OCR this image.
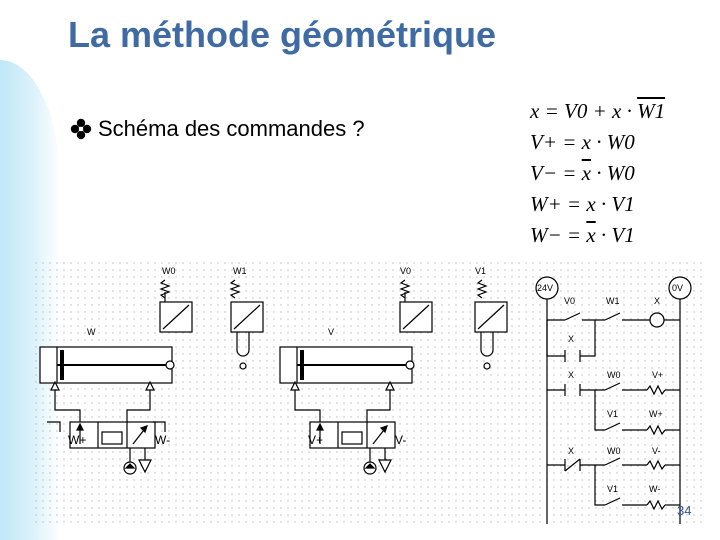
La méthode géométrique
Schéma des commandes ?
x = V0 + x · W1
V+ = x · W0
$V- = \overline{x} \cdot W0$
W+ = x · V1
$W- = \overline{x} \cdot V1$
W0	W1
W
W+	W-
V0	V1
V
V+	V-
24V	0V
V0	W1	X
X
X	W0	V+
V1	W+
X	W0	V-
V1	W-
34
